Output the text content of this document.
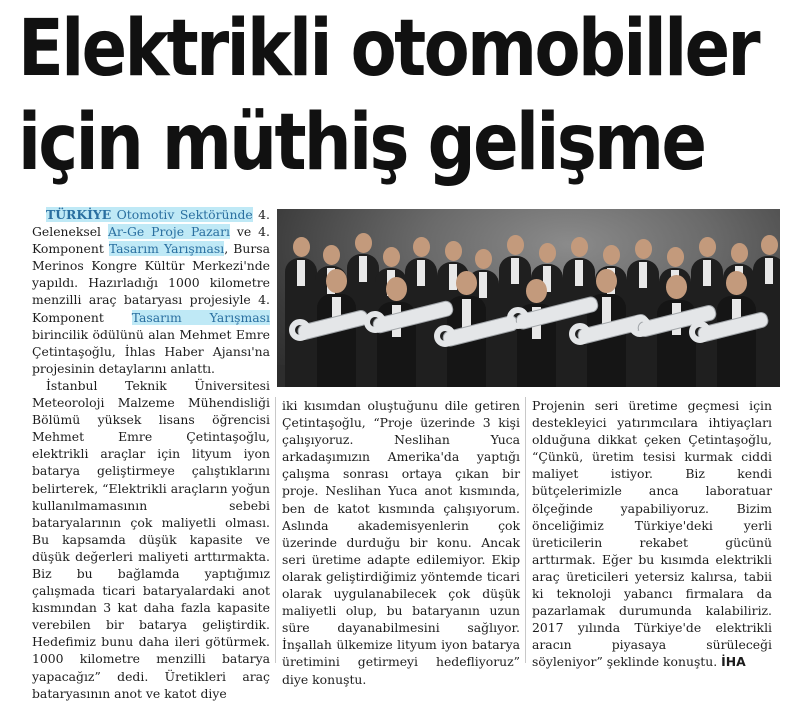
Elektrikli otomobiller
için müthiş gelişme

TÜRKİYE Otomotiv Sektöründe 4. Geleneksel Ar-Ge Proje Pazarı ve 4. Komponent Tasarım Yarışması, Bursa Merinos Kongre Kültür Merkezi'nde yapıldı. Hazırladığı 1000 kilometre menzilli araç bataryası projesiyle 4. Komponent Tasarım Yarışması birincilik ödülünü alan Mehmet Emre Çetintaşoğlu, İhlas Haber Ajansı'na projesinin detaylarını anlattı.

İstanbul Teknik Üniversitesi Meteoroloji Malzeme Mühendisliği Bölümü yüksek lisans öğrencisi Mehmet Emre Çetintaşoğlu, elektrikli araçlar için lityum iyon batarya geliştirmeye çalıştıklarını belirterek, “Elektrikli araçların yoğun kullanılmamasının sebebi bataryalarının çok maliyetli olması. Bu kapsamda düşük kapasite ve düşük değerleri maliyeti arttırmakta. Biz bu bağlamda yaptığımız çalışmada ticari bataryalardaki anot kısmından 3 kat daha fazla kapasite verebilen bir batarya geliştirdik. Hedefimiz bunu daha ileri götürmek. 1000 kilometre menzilli batarya yapacağız” dedi. Üretikleri araç bataryasının anot ve katot diye

iki kısımdan oluştuğunu dile getiren Çetintaşoğlu, “Proje üzerinde 3 kişi çalışıyoruz. Neslihan Yuca arkadaşımızın Amerika'da yaptığı çalışma sonrası ortaya çıkan bir proje. Neslihan Yuca anot kısmında, ben de katot kısmında çalışıyorum. Aslında akademisyenlerin çok üzerinde durduğu bir konu. Ancak seri üretime adapte edilemiyor. Ekip olarak geliştirdiğimiz yöntemde ticari olarak uygulanabilecek çok düşük maliyetli olup, bu bataryanın uzun süre dayanabilmesini sağlıyor. İnşallah ülkemize lityum iyon batarya üretimini getirmeyi hedefliyoruz” diye konuştu.

Projenin seri üretime geçmesi için destekleyici yatırımcılara ihtiyaçları olduğuna dikkat çeken Çetintaşoğlu, “Çünkü, üretim tesisi kurmak ciddi maliyet istiyor. Biz kendi bütçelerimizle anca laboratuar ölçeğinde yapabiliyoruz. Bizim önceliğimiz Türkiye'deki yerli üreticilerin rekabet gücünü arttırmak. Eğer bu kısımda elektrikli araç üreticileri yetersiz kalırsa, tabii ki teknoloji yabancı firmalara da pazarlamak durumunda kalabiliriz. 2017 yılında Türkiye'de elektrikli aracın piyasaya sürüleceği söyleniyor” şeklinde konuştu. İHA
